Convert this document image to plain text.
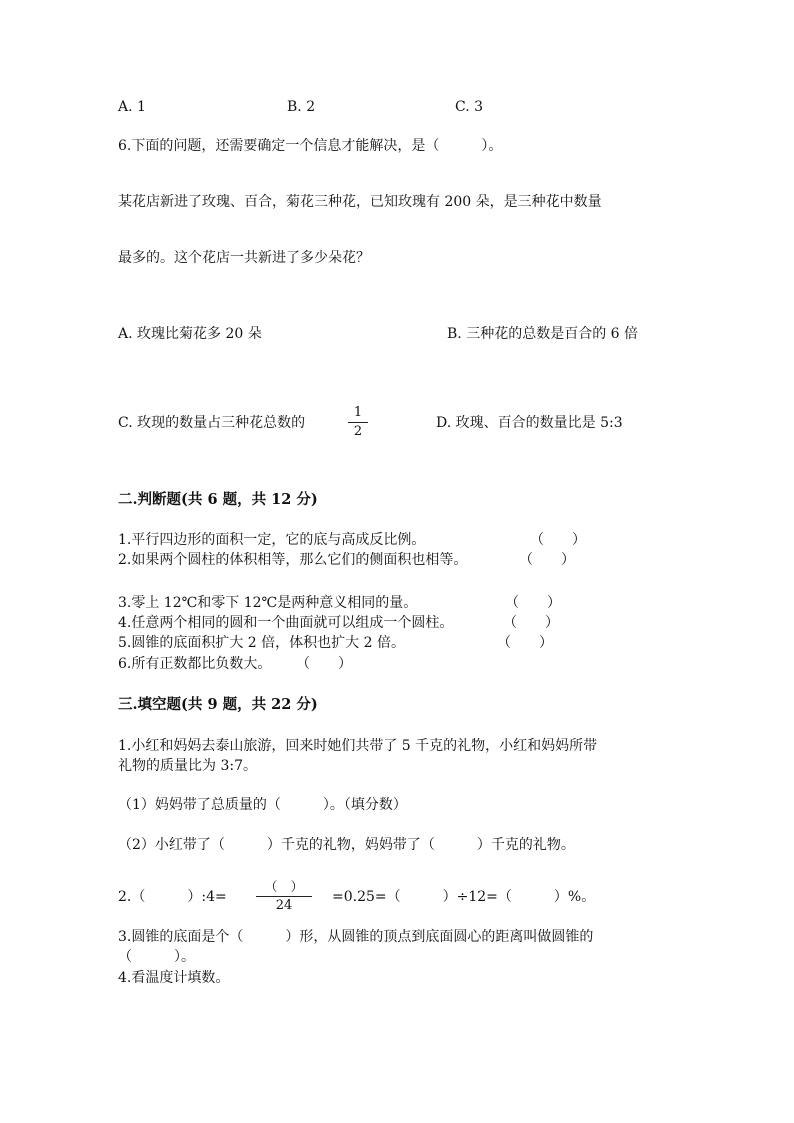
A. 1	B. 2	C. 3
6.下面的问题，还需要确定一个信息才能解决，是（　　　）。
某花店新进了玫瑰、百合，菊花三种花，已知玫瑰有 200 朵，是三种花中数量
最多的。这个花店一共新进了多少朵花？
A. 玫瑰比菊花多 20 朵	B. 三种花的总数是百合的 6 倍
C. 玫现的数量占三种花总数的
1
2
D. 玫瑰、百合的数量比是 5:3
二.判断题(共 6 题，共 12 分)
1.平行四边形的面积一定，它的底与高成反比例。	（　　）
2.如果两个圆柱的体积相等，那么它们的侧面积也相等。	（　　）
3.零上 12℃和零下 12℃是两种意义相同的量。	（　　）
4.任意两个相同的圆和一个曲面就可以组成一个圆柱。	（　　）
5.圆锥的底面积扩大 2 倍，体积也扩大 2 倍。	（　　）
6.所有正数都比负数大。 （　　）
三.填空题(共 9 题，共 22 分)
1.小红和妈妈去泰山旅游，回来时她们共带了 5 千克的礼物，小红和妈妈所带
礼物的质量比为 3:7。
（1）妈妈带了总质量的（　　　）。（填分数）
（2）小红带了（　　　）千克的礼物，妈妈带了（　　　）千克的礼物。
2.（　　　）:4=
（　）
24
=0.25=（　　　）÷12=（　　　）%。
3.圆锥的底面是个（　　　）形，从圆锥的顶点到底面圆心的距离叫做圆锥的
（　　　）。
4.看温度计填数。
